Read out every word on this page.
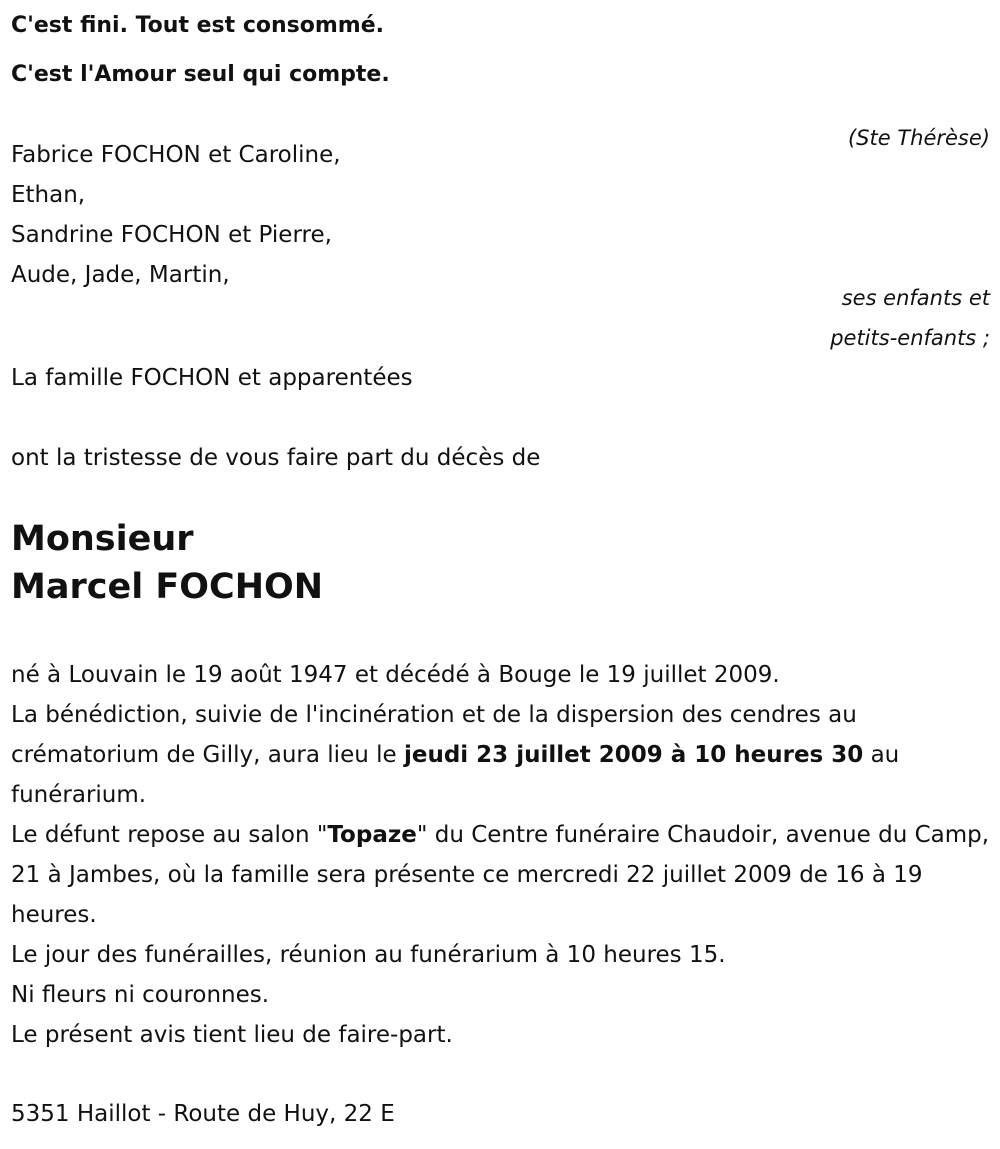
C'est fini. Tout est consommé.
C'est l'Amour seul qui compte.
(Ste Thérèse)
Fabrice FOCHON et Caroline,
Ethan,
Sandrine FOCHON et Pierre,
Aude, Jade, Martin,
ses enfants et
petits-enfants ;
La famille FOCHON et apparentées
ont la tristesse de vous faire part du décès de
Monsieur
Marcel FOCHON

né à Louvain le 19 août 1947 et décédé à Bouge le 19 juillet 2009.

La bénédiction, suivie de l'incinération et de la dispersion des cendres au crématorium de Gilly, aura lieu le jeudi 23 juillet 2009 à 10 heures 30 au funérarium.

Le défunt repose au salon "Topaze" du Centre funéraire Chaudoir, avenue du Camp, 21 à Jambes, où la famille sera présente ce mercredi 22 juillet 2009 de 16 à 19 heures.

Le jour des funérailles, réunion au funérarium à 10 heures 15.

Ni fleurs ni couronnes.

Le présent avis tient lieu de faire-part.

5351 Haillot - Route de Huy, 22 E
